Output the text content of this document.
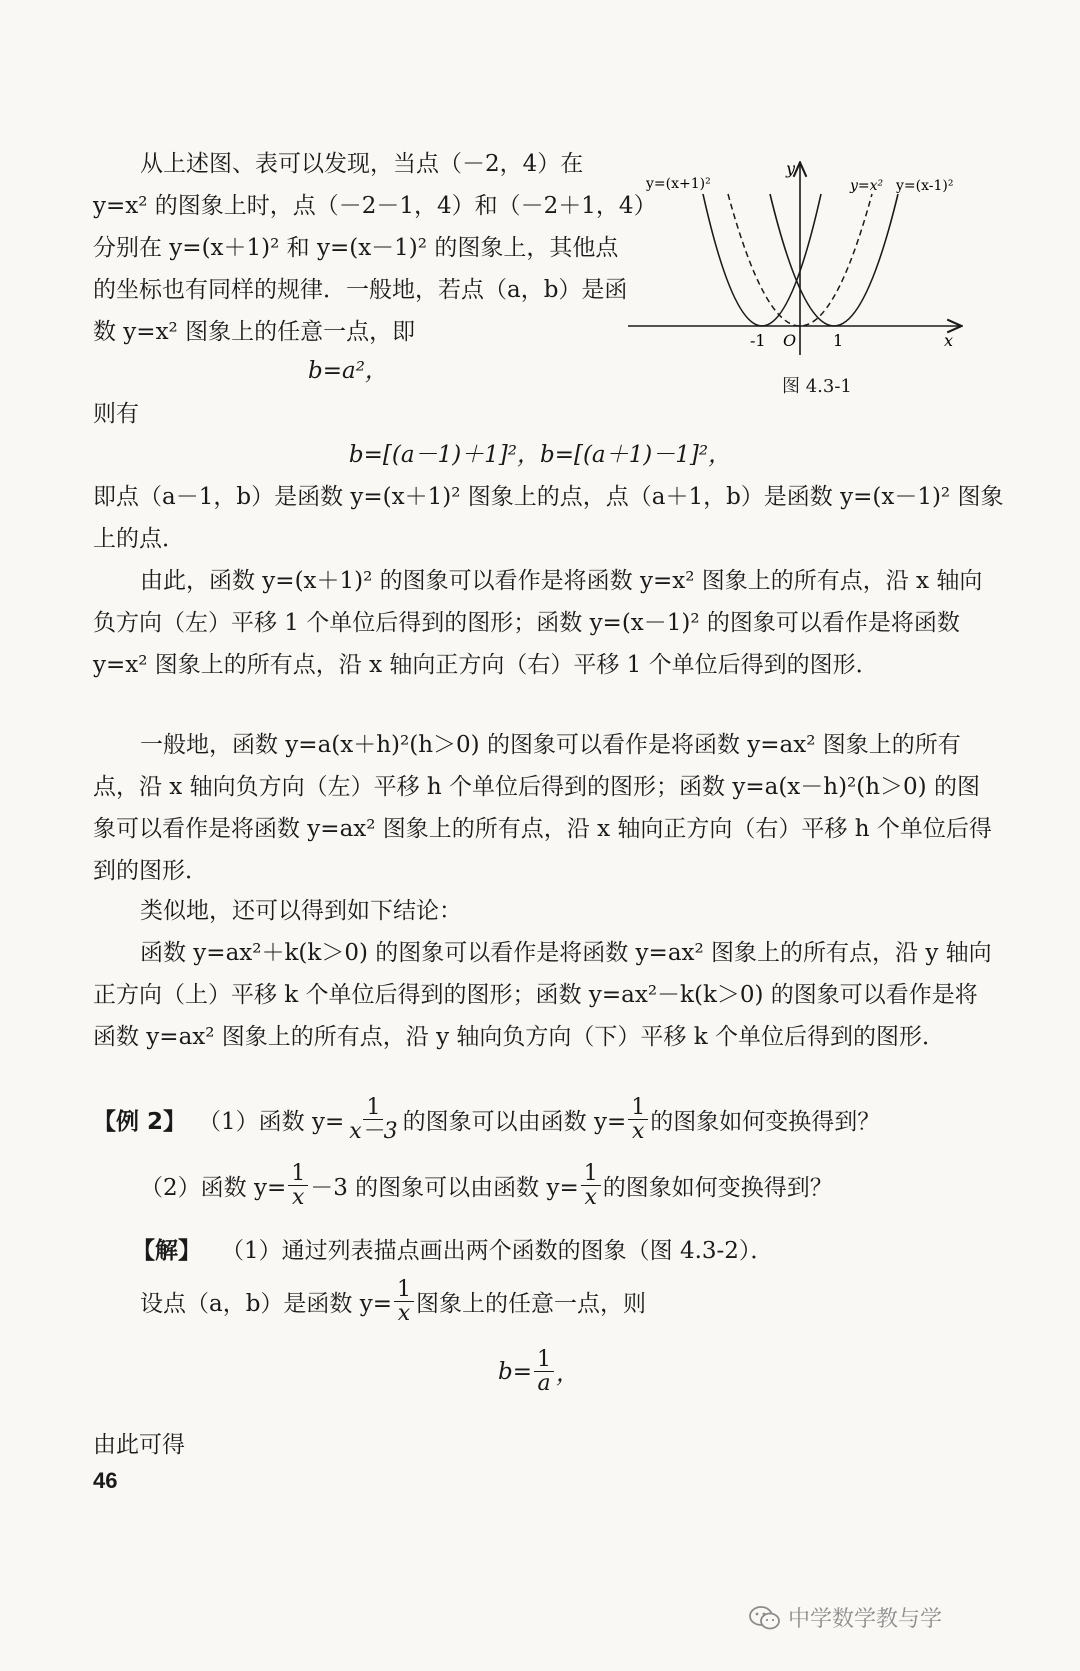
从上述图、表可以发现，当点（－2，4）在
y=x² 的图象上时，点（－2－1，4）和（－2＋1，4）
分别在 y=(x＋1)² 和 y=(x－1)² 的图象上，其他点
的坐标也有同样的规律．一般地，若点（a，b）是函
数 y=x² 图象上的任意一点，即
b=a²，
则有
y=(x+1)²	y=x² y=(x-1)²
y
x
-1 O 1
图 4.3-1
b=[(a－1)＋1]²，b=[(a＋1)－1]²，
即点（a－1，b）是函数 y=(x＋1)² 图象上的点，点（a＋1，b）是函数 y=(x－1)² 图象
上的点．
由此，函数 y=(x＋1)² 的图象可以看作是将函数 y=x² 图象上的所有点，沿 x 轴向
负方向（左）平移 1 个单位后得到的图形；函数 y=(x－1)² 的图象可以看作是将函数
y=x² 图象上的所有点，沿 x 轴向正方向（右）平移 1 个单位后得到的图形．
一般地，函数 y=a(x＋h)²(h＞0) 的图象可以看作是将函数 y=ax² 图象上的所有
点，沿 x 轴向负方向（左）平移 h 个单位后得到的图形；函数 y=a(x－h)²(h＞0) 的图
象可以看作是将函数 y=ax² 图象上的所有点，沿 x 轴向正方向（右）平移 h 个单位后得
到的图形．
类似地，还可以得到如下结论：
函数 y=ax²＋k(k＞0) 的图象可以看作是将函数 y=ax² 图象上的所有点，沿 y 轴向
正方向（上）平移 k 个单位后得到的图形；函数 y=ax²－k(k＞0) 的图象可以看作是将
函数 y=ax² 图象上的所有点，沿 y 轴向负方向（下）平移 k 个单位后得到的图形．
【例 2】 （1）函数 $y= \frac{1}{x-3}$ 的图象可以由函数 $y= \frac{1}{x}$ 的图象如何变换得到？
（2）函数 $y= \frac{1}{x} -3$ 的图象可以由函数 $y= \frac{1}{x}$ 的图象如何变换得到？
【解】 （1）通过列表描点画出两个函数的图象（图 4.3-2）．
设点（a，b）是函数 $y= \frac{1}{x}$ 图象上的任意一点，则
$b= \frac{1}{a}$ ，
由此可得
46
中学数学教与学
